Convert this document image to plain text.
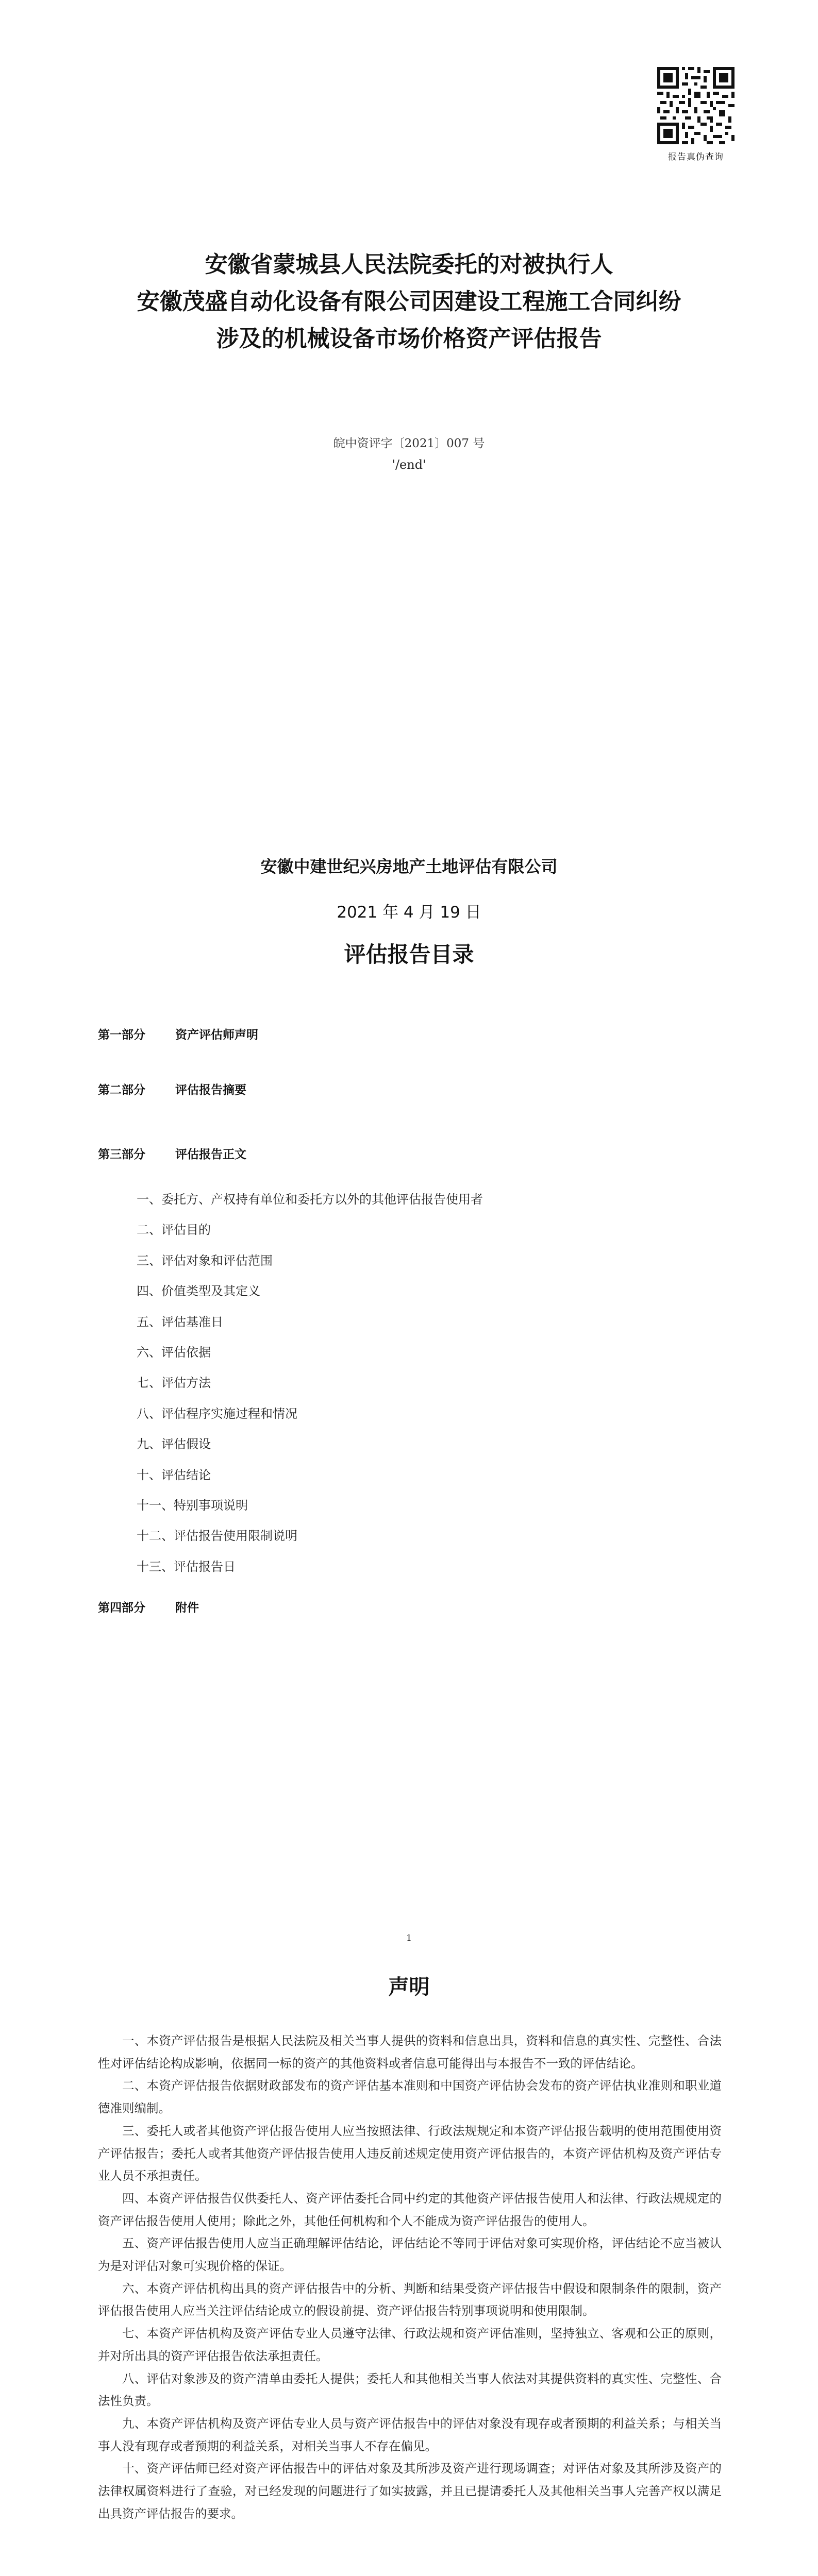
报告真伪查询
安徽省蒙城县人民法院委托的对被执行人
安徽茂盛自动化设备有限公司因建设工程施工合同纠纷
涉及的机械设备市场价格资产评估报告
皖中资评字〔2021〕007 号
'/end'
安徽中建世纪兴房地产土地评估有限公司
2021 年 4 月 19 日
评估报告目录
第一部分	资产评估师声明
第二部分	评估报告摘要
第三部分	评估报告正文
一、委托方、产权持有单位和委托方以外的其他评估报告使用者
二、评估目的
三、评估对象和评估范围
四、价值类型及其定义
五、评估基准日
六、评估依据
七、评估方法
八、评估程序实施过程和情况
九、评估假设
十、评估结论
十一、特别事项说明
十二、评估报告使用限制说明
十三、评估报告日
第四部分	附件
1
声明

一、本资产评估报告是根据人民法院及相关当事人提供的资料和信息出具，资料和信息的真实性、完整性、合法性对评估结论构成影响，依据同一标的资产的其他资料或者信息可能得出与本报告不一致的评估结论。

二、本资产评估报告依据财政部发布的资产评估基本准则和中国资产评估协会发布的资产评估执业准则和职业道德准则编制。

三、委托人或者其他资产评估报告使用人应当按照法律、行政法规规定和本资产评估报告载明的使用范围使用资产评估报告；委托人或者其他资产评估报告使用人违反前述规定使用资产评估报告的，本资产评估机构及资产评估专业人员不承担责任。

四、本资产评估报告仅供委托人、资产评估委托合同中约定的其他资产评估报告使用人和法律、行政法规规定的资产评估报告使用人使用；除此之外，其他任何机构和个人不能成为资产评估报告的使用人。

五、资产评估报告使用人应当正确理解评估结论，评估结论不等同于评估对象可实现价格，评估结论不应当被认为是对评估对象可实现价格的保证。

六、本资产评估机构出具的资产评估报告中的分析、判断和结果受资产评估报告中假设和限制条件的限制，资产评估报告使用人应当关注评估结论成立的假设前提、资产评估报告特别事项说明和使用限制。

七、本资产评估机构及资产评估专业人员遵守法律、行政法规和资产评估准则，坚持独立、客观和公正的原则，并对所出具的资产评估报告依法承担责任。

八、评估对象涉及的资产清单由委托人提供；委托人和其他相关当事人依法对其提供资料的真实性、完整性、合法性负责。

九、本资产评估机构及资产评估专业人员与资产评估报告中的评估对象没有现存或者预期的利益关系；与相关当事人没有现存或者预期的利益关系，对相关当事人不存在偏见。

十、资产评估师已经对资产评估报告中的评估对象及其所涉及资产进行现场调查；对评估对象及其所涉及资产的法律权属资料进行了查验，对已经发现的问题进行了如实披露，并且已提请委托人及其他相关当事人完善产权以满足出具资产评估报告的要求。
